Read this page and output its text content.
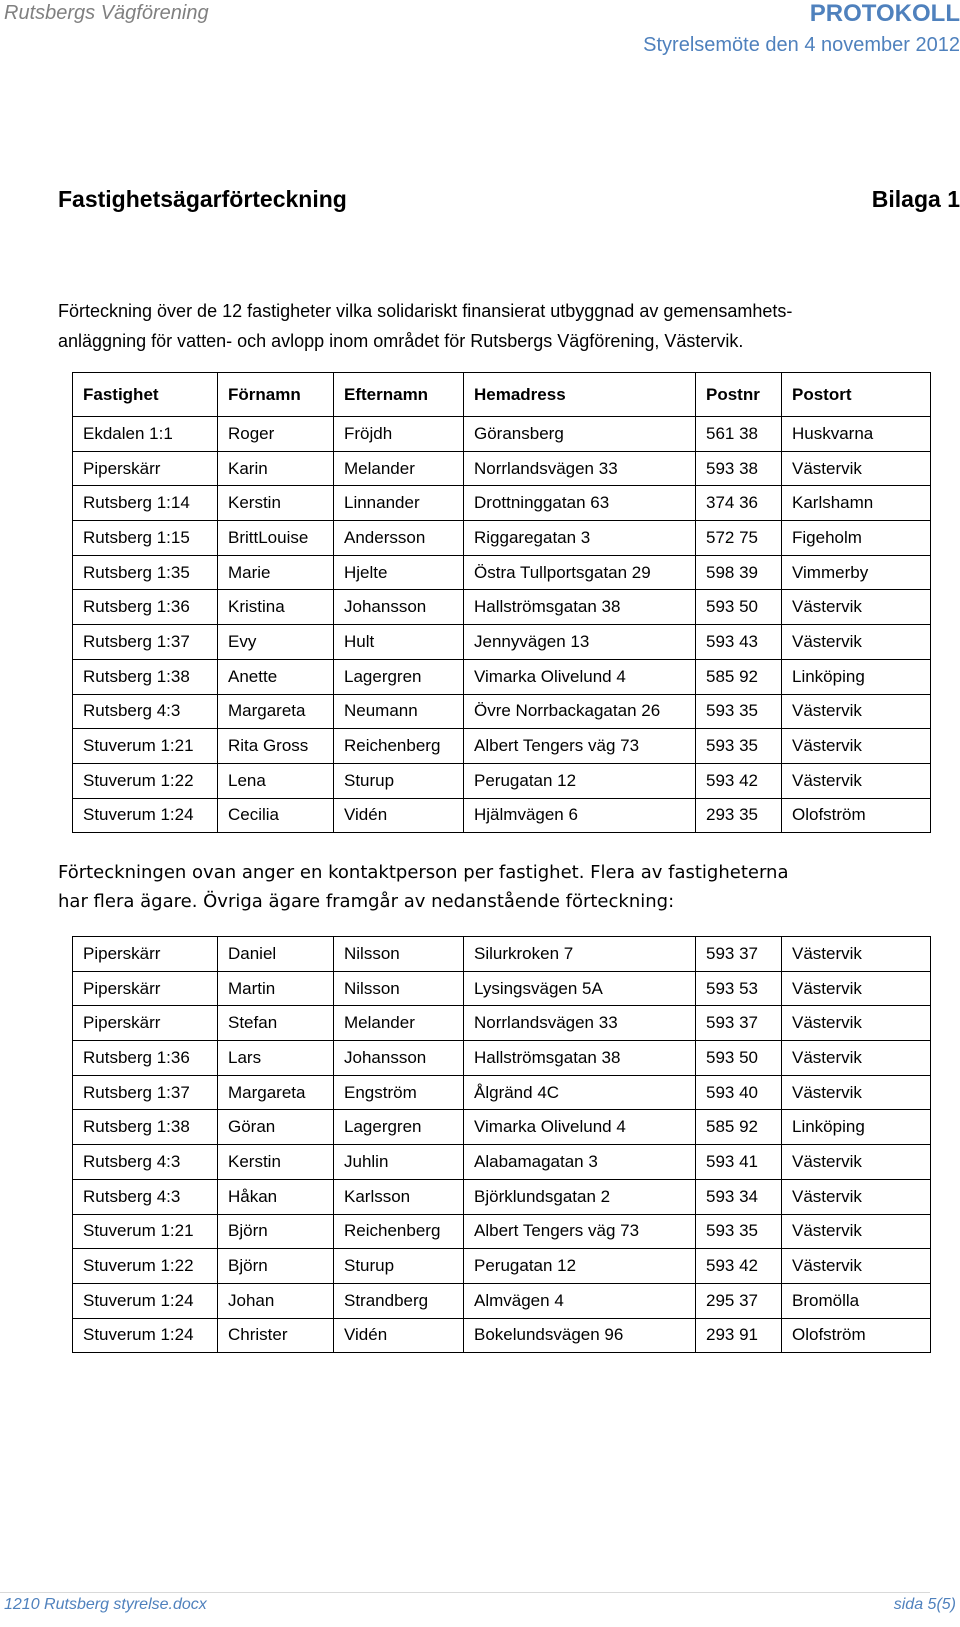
Rutsbergs Vägförening	PROTOKOLL
Styrelsemöte den 4 november 2012
Fastighetsägarförteckning	Bilaga 1
Förteckning över de 12 fastigheter vilka solidariskt finansierat utbyggnad av gemensamhets-
anläggning för vatten- och avlopp inom området för Rutsbergs Vägförening, Västervik.
Fastighet	Förnamn	Efternamn	Hemadress	Postnr	Postort
Ekdalen 1:1	Roger	Fröjdh	Göransberg	561 38	Huskvarna
Piperskärr	Karin	Melander	Norrlandsvägen 33	593 38	Västervik
Rutsberg 1:14	Kerstin	Linnander	Drottninggatan 63	374 36	Karlshamn
Rutsberg 1:15	BrittLouise	Andersson	Riggaregatan 3	572 75	Figeholm
Rutsberg 1:35	Marie	Hjelte	Östra Tullportsgatan 29	598 39	Vimmerby
Rutsberg 1:36	Kristina	Johansson	Hallströmsgatan 38	593 50	Västervik
Rutsberg 1:37	Evy	Hult	Jennyvägen 13	593 43	Västervik
Rutsberg 1:38	Anette	Lagergren	Vimarka Olivelund 4	585 92	Linköping
Rutsberg 4:3	Margareta	Neumann	Övre Norrbackagatan 26	593 35	Västervik
Stuverum 1:21	Rita Gross	Reichenberg	Albert Tengers väg 73	593 35	Västervik
Stuverum 1:22	Lena	Sturup	Perugatan 12	593 42	Västervik
Stuverum 1:24	Cecilia	Vidén	Hjälmvägen 6	293 35	Olofström
Förteckningen ovan anger en kontaktperson per fastighet. Flera av fastigheterna
har flera ägare. Övriga ägare framgår av nedanstående förteckning:
Piperskärr	Daniel	Nilsson	Silurkroken 7	593 37	Västervik
Piperskärr	Martin	Nilsson	Lysingsvägen 5A	593 53	Västervik
Piperskärr	Stefan	Melander	Norrlandsvägen 33	593 37	Västervik
Rutsberg 1:36	Lars	Johansson	Hallströmsgatan 38	593 50	Västervik
Rutsberg 1:37	Margareta	Engström	Ålgränd 4C	593 40	Västervik
Rutsberg 1:38	Göran	Lagergren	Vimarka Olivelund 4	585 92	Linköping
Rutsberg 4:3	Kerstin	Juhlin	Alabamagatan 3	593 41	Västervik
Rutsberg 4:3	Håkan	Karlsson	Björklundsgatan 2	593 34	Västervik
Stuverum 1:21	Björn	Reichenberg	Albert Tengers väg 73	593 35	Västervik
Stuverum 1:22	Björn	Sturup	Perugatan 12	593 42	Västervik
Stuverum 1:24	Johan	Strandberg	Almvägen 4	295 37	Bromölla
Stuverum 1:24	Christer	Vidén	Bokelundsvägen 96	293 91	Olofström
1210 Rutsberg styrelse.docx	sida 5(5)
